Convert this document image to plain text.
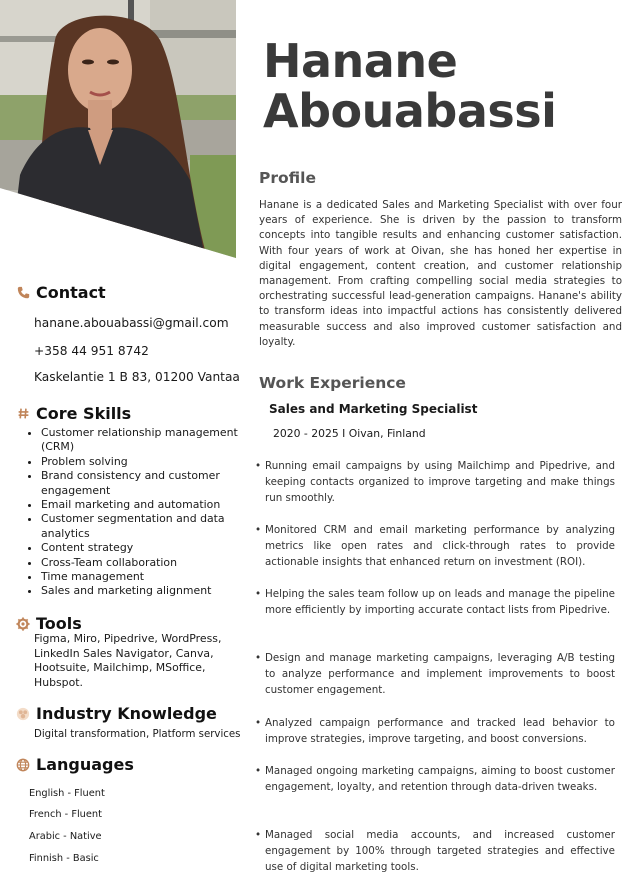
Hanane
Abouabassi
Profile

Hanane is a dedicated Sales and Marketing Specialist with over four years of experience. She is driven by the passion to transform concepts into tangible results and enhancing customer satisfaction. With four years of work at Oivan, she has honed her expertise in digital engagement, content creation, and customer relationship management. From crafting compelling social media strategies to orchestrating successful lead-generation campaigns. Hanane's ability to transform ideas into impactful actions has consistently delivered measurable success and also improved customer satisfaction and loyalty.

Work Experience
Sales and Marketing Specialist
2020 - 2025 I Oivan, Finland
• Running email campaigns by using Mailchimp and Pipedrive, and keeping contacts organized to improve targeting and make things run smoothly.
• Monitored CRM and email marketing performance by analyzing metrics like open rates and click-through rates to provide actionable insights that enhanced return on investment (ROI).
• Helping the sales team follow up on leads and manage the pipeline more efficiently by importing accurate contact lists from Pipedrive.
• Design and manage marketing campaigns, leveraging A/B testing to analyze performance and implement improvements to boost customer engagement.
• Analyzed campaign performance and tracked lead behavior to improve strategies, improve targeting, and boost conversions.
• Managed ongoing marketing campaigns, aiming to boost customer engagement, loyalty, and retention through data-driven tweaks.
• Managed social media accounts, and increased customer engagement by 100% through targeted strategies and effective use of digital marketing tools.
Contact
hanane.abouabassi@gmail.com
+358 44 951 8742
Kaskelantie 1 B 83, 01200 Vantaa
Core Skills
• Customer relationship management (CRM)
• Problem solving
• Brand consistency and customer engagement
• Email marketing and automation
• Customer segmentation and data analytics
• Content strategy
• Cross-Team collaboration
• Time management
• Sales and marketing alignment
Tools

Figma, Miro, Pipedrive, WordPress, LinkedIn Sales Navigator, Canva, Hootsuite, Mailchimp, MSoffice, Hubspot.

Industry Knowledge
Digital transformation, Platform services
Languages
English - Fluent
French - Fluent
Arabic - Native
Finnish - Basic
